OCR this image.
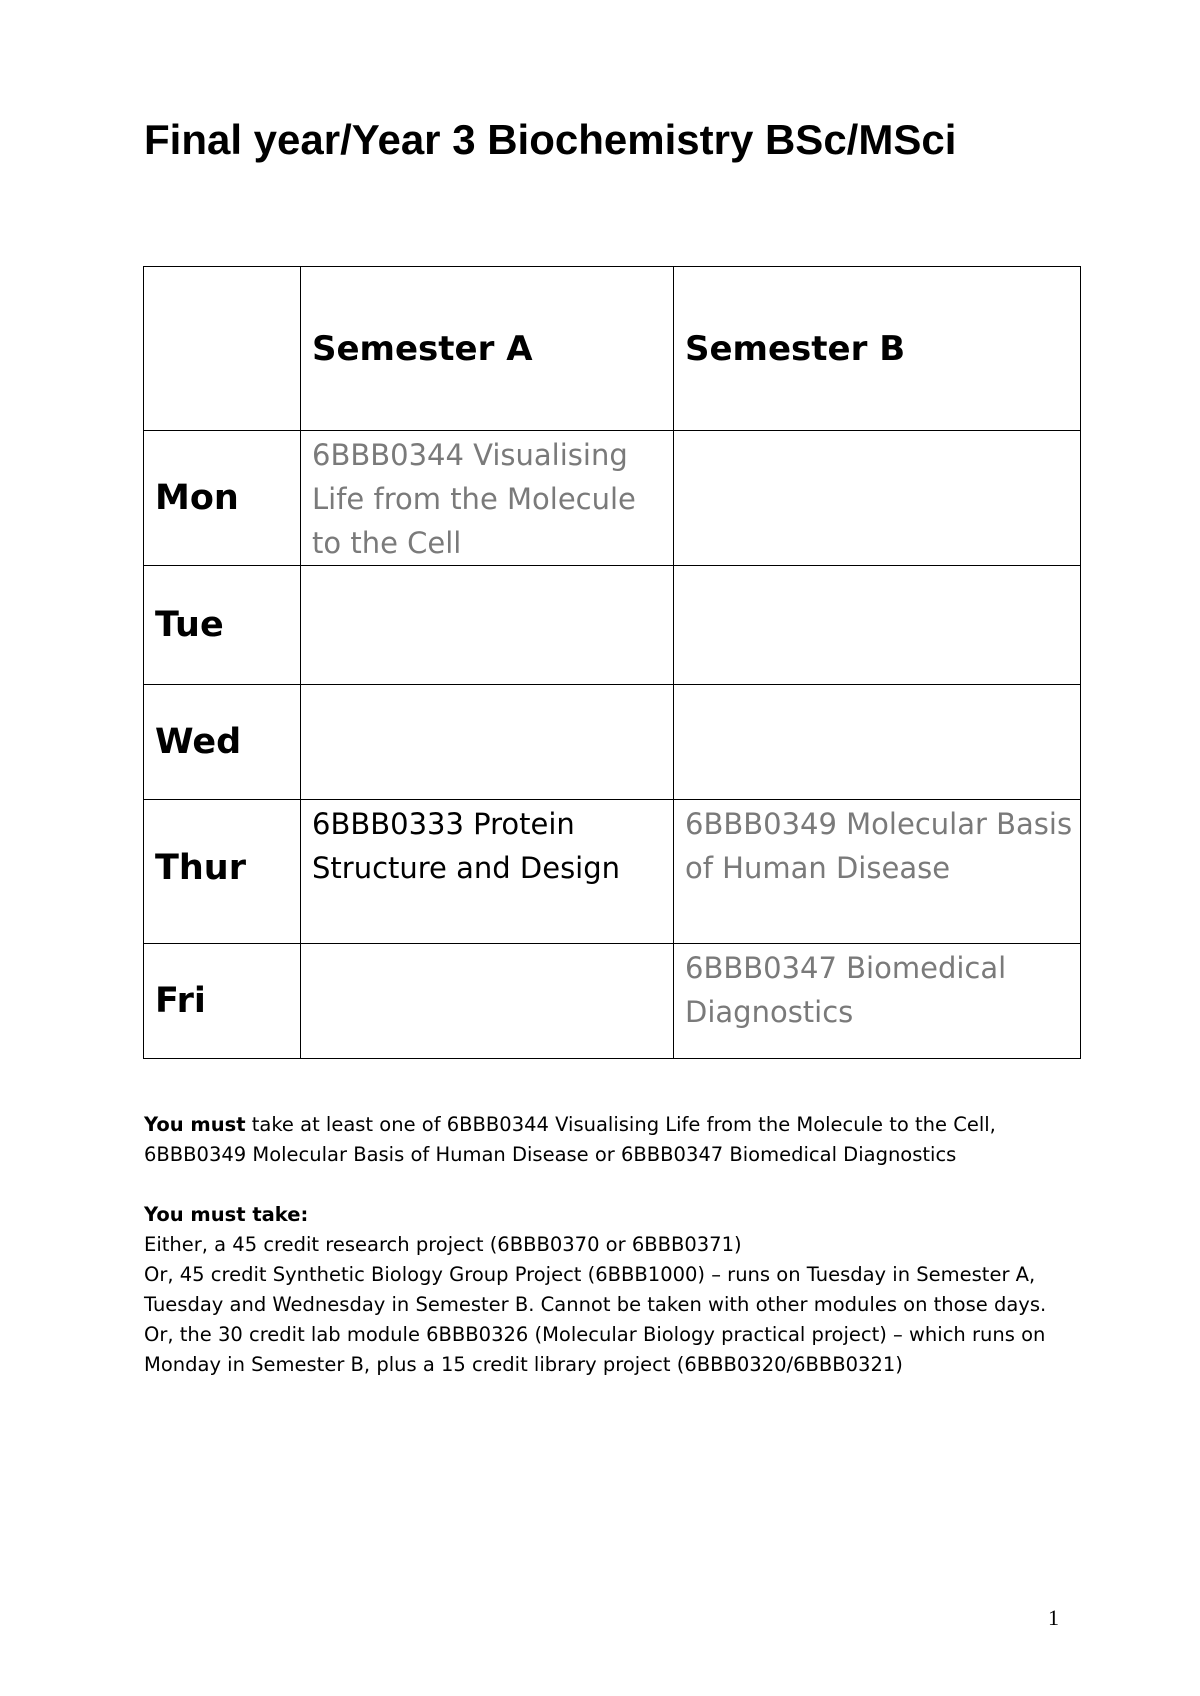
Final year/Year 3 Biochemistry BSc/MSci
	Semester A	Semester B
Mon	6BBB0344 Visualising Life from the Molecule to the Cell	
Tue		
Wed		
Thur	6BBB0333 Protein Structure and Design	6BBB0349 Molecular Basis of Human Disease
Fri		6BBB0347 Biomedical Diagnostics

You must take at least one of 6BBB0344 Visualising Life from the Molecule to the Cell,

6BBB0349 Molecular Basis of Human Disease or 6BBB0347 Biomedical Diagnostics

You must take:

Either, a 45 credit research project (6BBB0370 or 6BBB0371)

Or, 45 credit Synthetic Biology Group Project (6BBB1000) – runs on Tuesday in Semester A,

Tuesday and Wednesday in Semester B. Cannot be taken with other modules on those days.

Or, the 30 credit lab module 6BBB0326 (Molecular Biology practical project) – which runs on

Monday in Semester B, plus a 15 credit library project (6BBB0320/6BBB0321)

1
